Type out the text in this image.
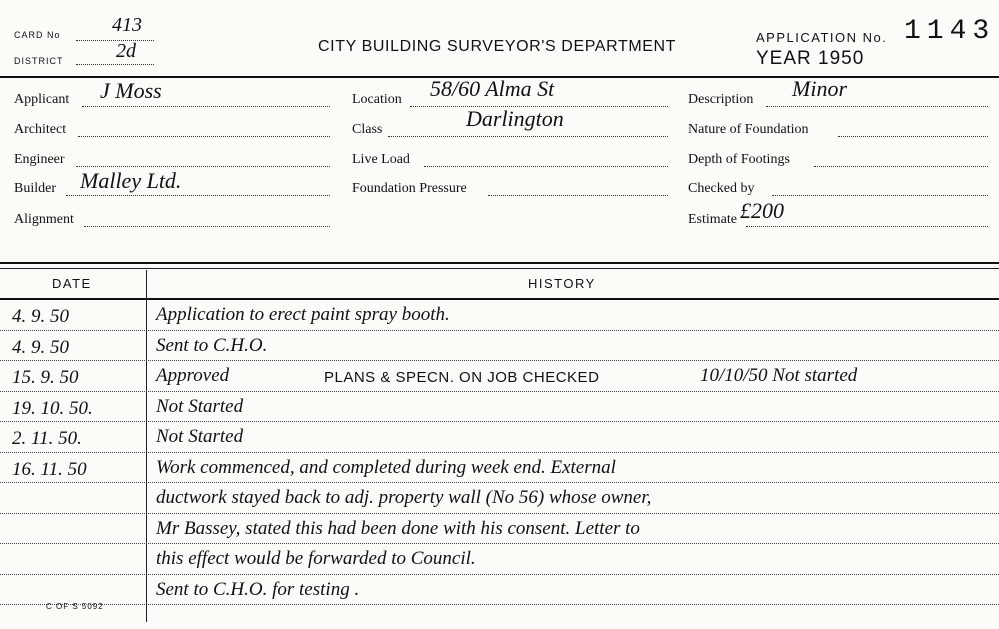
CARD No	413
DISTRICT	2d	CITY BUILDING SURVEYOR'S DEPARTMENT
APPLICATION No. 1143
YEAR 1950
Applicant J Moss
Architect
Engineer
Builder Malley Ltd.
Alignment
Location 58/60 Alma St
Class	Darlington
Live Load
Foundation Pressure
Description Minor
Nature of Foundation
Depth of Footings
Checked by
Estimate £200
DATE	HISTORY
4. 9. 50	Application to erect paint spray booth.
4. 9. 50	Sent to C.H.O.
15. 9. 50	Approved	PLANS & SPECN. ON JOB CHECKED	10/10/50 Not started
19. 10. 50.	Not Started
2. 11. 50.	Not Started
16. 11. 50	Work commenced, and completed during week end. External
ductwork stayed back to adj. property wall (No 56) whose owner,
Mr Bassey, stated this had been done with his consent. Letter to
this effect would be forwarded to Council.
Sent to C.H.O. for testing .
C OF S 5092
